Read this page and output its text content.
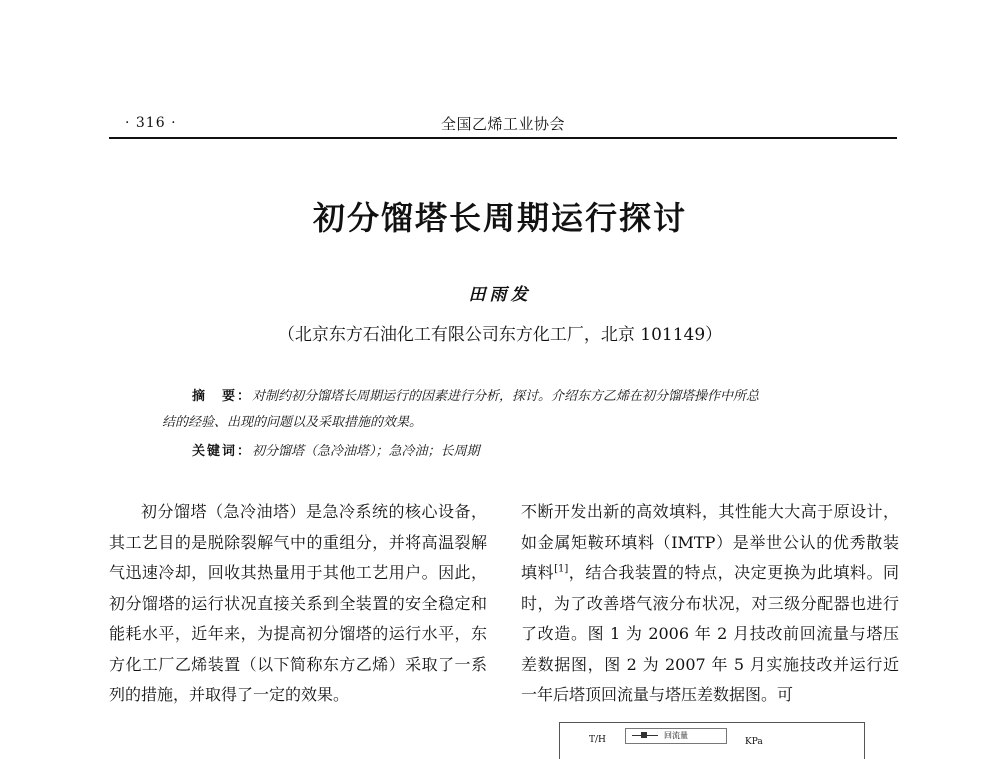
· 316 ·	全国乙烯工业协会
初分馏塔长周期运行探讨
田雨发
（北京东方石油化工有限公司东方化工厂，北京 101149）
摘　要：对制约初分馏塔长周期运行的因素进行分析，探讨。介绍东方乙烯在初分馏塔操作中所总
结的经验、出现的问题以及采取措施的效果。
关键词：初分馏塔（急冷油塔）；急冷油；长周期

初分馏塔（急冷油塔）是急冷系统的核心设备，其工艺目的是脱除裂解气中的重组分，并将高温裂解气迅速冷却，回收其热量用于其他工艺用户。因此，初分馏塔的运行状况直接关系到全装置的安全稳定和能耗水平，近年来，为提高初分馏塔的运行水平，东方化工厂乙烯装置（以下简称东方乙烯）采取了一系列的措施，并取得了一定的效果。

不断开发出新的高效填料，其性能大大高于原设计，如金属矩鞍环填料（IMTP）是举世公认的优秀散装填料[1]，结合我装置的特点，决定更换为此填料。同时，为了改善塔气液分布状况，对三级分配器也进行了改造。图 1 为 2006 年 2 月技改前回流量与塔压差数据图，图 2 为 2007 年 5 月实施技改并运行近一年后塔顶回流量与塔压差数据图。可

T/H	回流量
KPa
